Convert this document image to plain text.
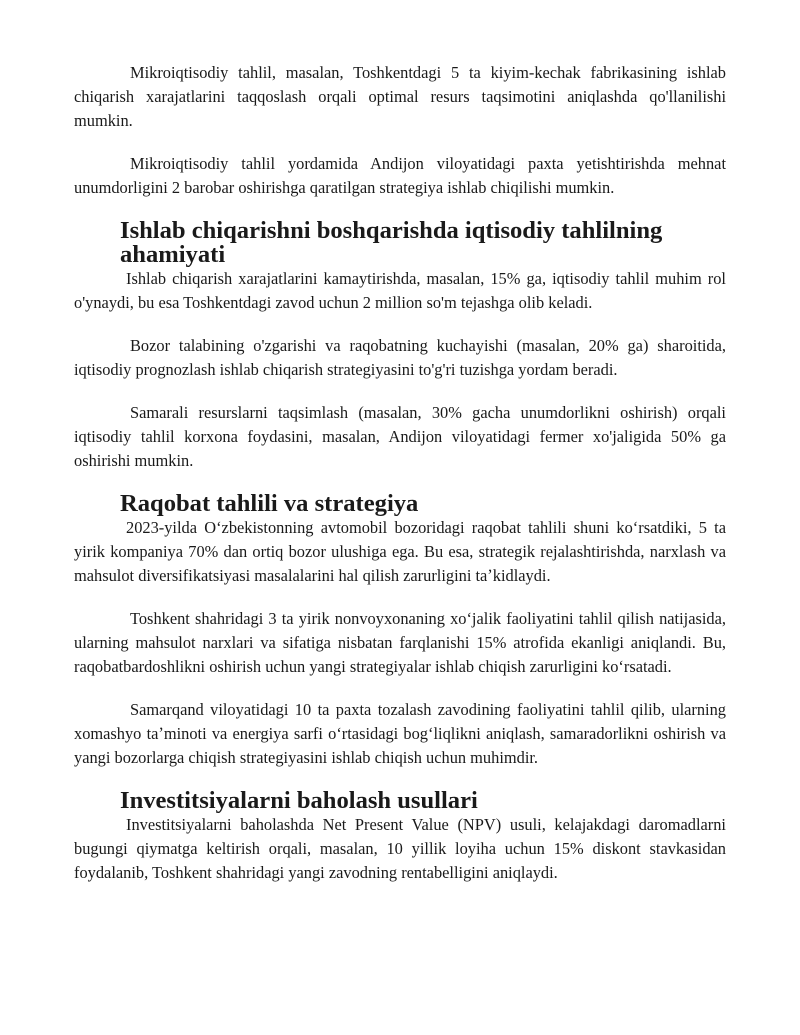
Mikroiqtisodiy tahlil, masalan, Toshkentdagi 5 ta kiyim-kechak fabrikasining ishlab chiqarish xarajatlarini taqqoslash orqali optimal resurs taqsimotini aniqlashda qo'llanilishi mumkin.

Mikroiqtisodiy tahlil yordamida Andijon viloyatidagi paxta yetishtirishda mehnat unumdorligini 2 barobar oshirishga qaratilgan strategiya ishlab chiqilishi mumkin.

Ishlab chiqarishni boshqarishda iqtisodiy tahlilning ahamiyati

Ishlab chiqarish xarajatlarini kamaytirishda, masalan, 15% ga, iqtisodiy tahlil muhim rol o'ynaydi, bu esa Toshkentdagi zavod uchun 2 million so'm tejashga olib keladi.

Bozor talabining o'zgarishi va raqobatning kuchayishi (masalan, 20% ga) sharoitida, iqtisodiy prognozlash ishlab chiqarish strategiyasini to'g'ri tuzishga yordam beradi.

Samarali resurslarni taqsimlash (masalan, 30% gacha unumdorlikni oshirish) orqali iqtisodiy tahlil korxona foydasini, masalan, Andijon viloyatidagi fermer xo'jaligida 50% ga oshirishi mumkin.

Raqobat tahlili va strategiya

2023-yilda Oʻzbekistonning avtomobil bozoridagi raqobat tahlili shuni koʻrsatdiki, 5 ta yirik kompaniya 70% dan ortiq bozor ulushiga ega. Bu esa, strategik rejalashtirishda, narxlash va mahsulot diversifikatsiyasi masalalarini hal qilish zarurligini taʼkidlaydi.

Toshkent shahridagi 3 ta yirik nonvoyxonaning xoʻjalik faoliyatini tahlil qilish natijasida, ularning mahsulot narxlari va sifatiga nisbatan farqlanishi 15% atrofida ekanligi aniqlandi. Bu, raqobatbardoshlikni oshirish uchun yangi strategiyalar ishlab chiqish zarurligini koʻrsatadi.

Samarqand viloyatidagi 10 ta paxta tozalash zavodining faoliyatini tahlil qilib, ularning xomashyo taʼminoti va energiya sarfi oʻrtasidagi bogʻliqlikni aniqlash, samaradorlikni oshirish va yangi bozorlarga chiqish strategiyasini ishlab chiqish uchun muhimdir.

Investitsiyalarni baholash usullari

Investitsiyalarni baholashda Net Present Value (NPV) usuli, kelajakdagi daromadlarni bugungi qiymatga keltirish orqali, masalan, 10 yillik loyiha uchun 15% diskont stavkasidan foydalanib, Toshkent shahridagi yangi zavodning rentabelligini aniqlaydi.
